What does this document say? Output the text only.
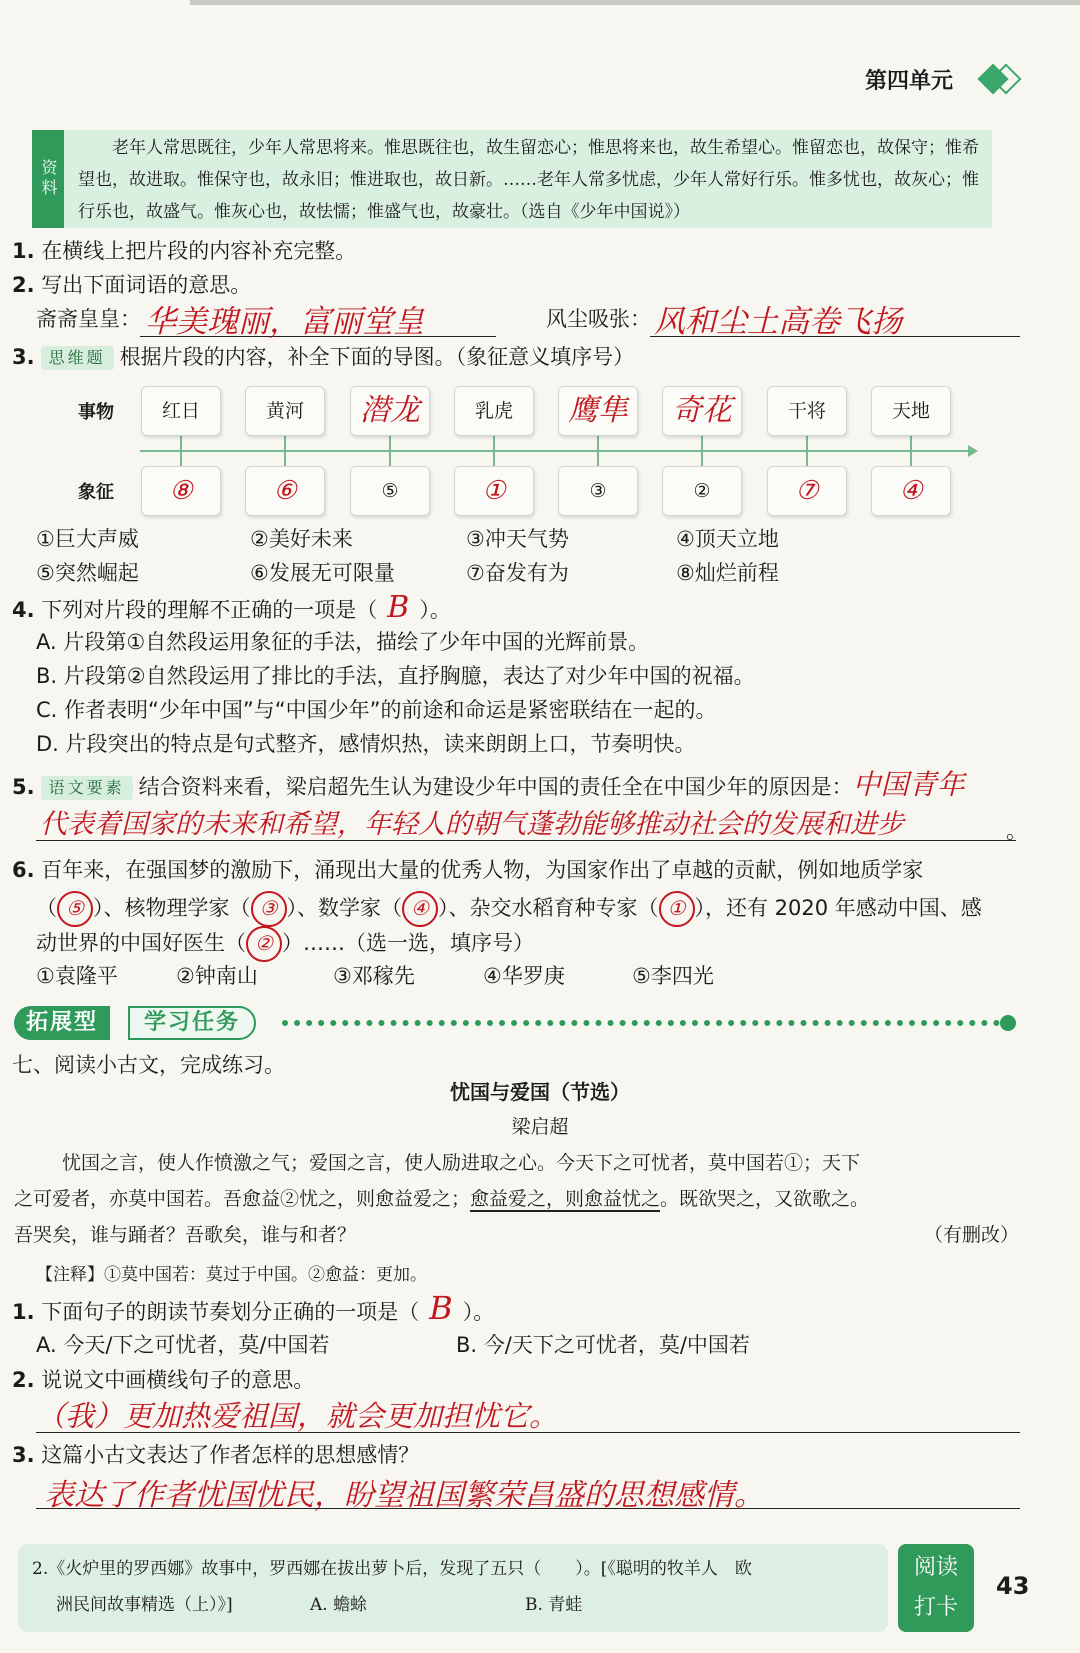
第四单元
资料
老年人常思既往，少年人常思将来。惟思既往也，故生留恋心；惟思将来也，故生希望心。惟留恋也，故保守；惟希望也，故进取。惟保守也，故永旧；惟进取也，故日新。……老年人常多忧虑，少年人常好行乐。惟多忧也，故灰心；惟行乐也，故盛气。惟灰心也，故怯懦；惟盛气也，故豪壮。（选自《少年中国说》）
1. 在横线上把片段的内容补充完整。
2. 写出下面词语的意思。
斋斋皇皇： 华美瑰丽，富丽堂皇	风尘吸张： 风和尘土高卷飞扬
3. 思维题 根据片段的内容，补全下面的导图。（象征意义填序号）
事物
象征
红日	黄河	潜龙	乳虎	鹰隼	奇花	干将	天地
⑧	⑥	⑤	①	③	②	⑦	④
①巨大声威	②美好未来	③冲天气势	④顶天立地
⑤突然崛起	⑥发展无可限量	⑦奋发有为	⑧灿烂前程
4. 下列对片段的理解不正确的一项是（ B ）。
A. 片段第①自然段运用象征的手法，描绘了少年中国的光辉前景。
B. 片段第②自然段运用了排比的手法，直抒胸臆，表达了对少年中国的祝福。
C. 作者表明“少年中国”与“中国少年”的前途和命运是紧密联结在一起的。
D. 片段突出的特点是句式整齐，感情炽热，读来朗朗上口，节奏明快。
5. 语文要素 结合资料来看，梁启超先生认为建设少年中国的责任全在中国少年的原因是：中国青年
代表着国家的未来和希望，年轻人的朝气蓬勃能够推动社会的发展和进步	。
6. 百年来，在强国梦的激励下，涌现出大量的优秀人物，为国家作出了卓越的贡献，例如地质学家
（ ⑤ ）、核物理学家（ ③ ）、数学家（ ④ ）、杂交水稻育种专家（ ① ），还有 2020 年感动中国、感
动世界的中国好医生（ ② ）……（选一选，填序号）
①袁隆平	②钟南山	③邓稼先	④华罗庚	⑤李四光
拓展型	学习任务
七、阅读小古文，完成练习。
忧国与爱国（节选）
梁启超
忧国之言，使人作愤激之气；爱国之言，使人励进取之心。今天下之可忧者，莫中国若①；天下
之可爱者，亦莫中国若。吾愈益②忧之，则愈益爱之；愈益爱之，则愈益忧之。既欲哭之，又欲歌之。
吾哭矣，谁与踊者？吾歌矣，谁与和者？	（有删改）
【注释】①莫中国若：莫过于中国。②愈益：更加。
1. 下面句子的朗读节奏划分正确的一项是（ B ）。
A. 今天/下之可忧者，莫/中国若	B. 今/天下之可忧者，莫/中国若
2. 说说文中画横线句子的意思。
（我）更加热爱祖国，就会更加担忧它。
3. 这篇小古文表达了作者怎样的思想感情？
表达了作者忧国忧民，盼望祖国繁荣昌盛的思想感情。
2.《火炉里的罗西娜》故事中，罗西娜在拔出萝卜后，发现了五只（　　）。[《聪明的牧羊人　欧
洲民间故事精选（上）》]	A. 蟾蜍	B. 青蛙
阅读
打卡
43
